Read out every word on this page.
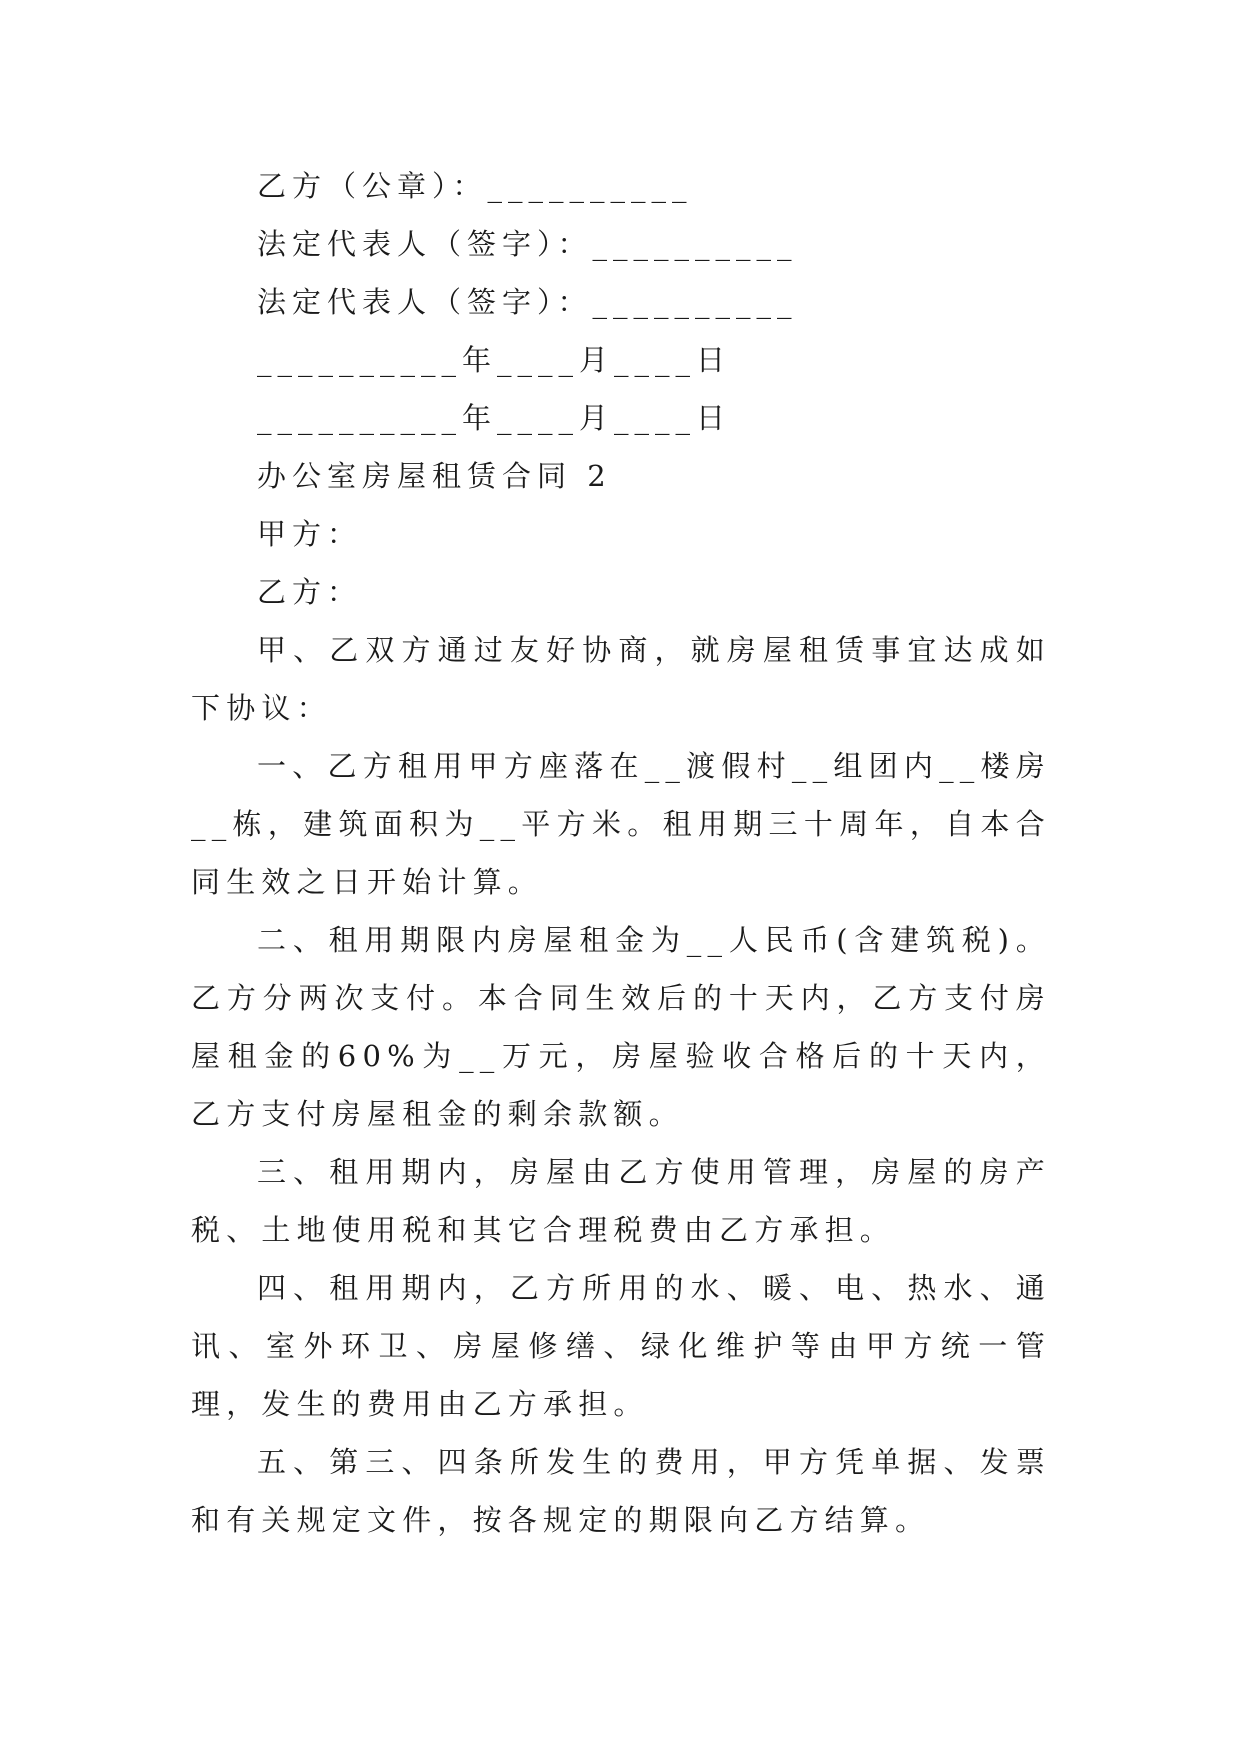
乙方（公章）：__________

法定代表人（签字）：__________

法定代表人（签字）：__________

__________年____月____日

__________年____月____日

办公室房屋租赁合同 2

甲方：

乙方：

甲、乙双方通过友好协商，就房屋租赁事宜达成如下协议：

一、乙方租用甲方座落在__渡假村__组团内__楼房__栋，建筑面积为__平方米。租用期三十周年，自本合同生效之日开始计算。

二、租用期限内房屋租金为__人民币(含建筑税)。乙方分两次支付。本合同生效后的十天内，乙方支付房屋租金的60%为__万元，房屋验收合格后的十天内，乙方支付房屋租金的剩余款额。

三、租用期内，房屋由乙方使用管理，房屋的房产税、土地使用税和其它合理税费由乙方承担。

四、租用期内，乙方所用的水、暖、电、热水、通讯、室外环卫、房屋修缮、绿化维护等由甲方统一管理，发生的费用由乙方承担。

五、第三、四条所发生的费用，甲方凭单据、发票和有关规定文件，按各规定的期限向乙方结算。
